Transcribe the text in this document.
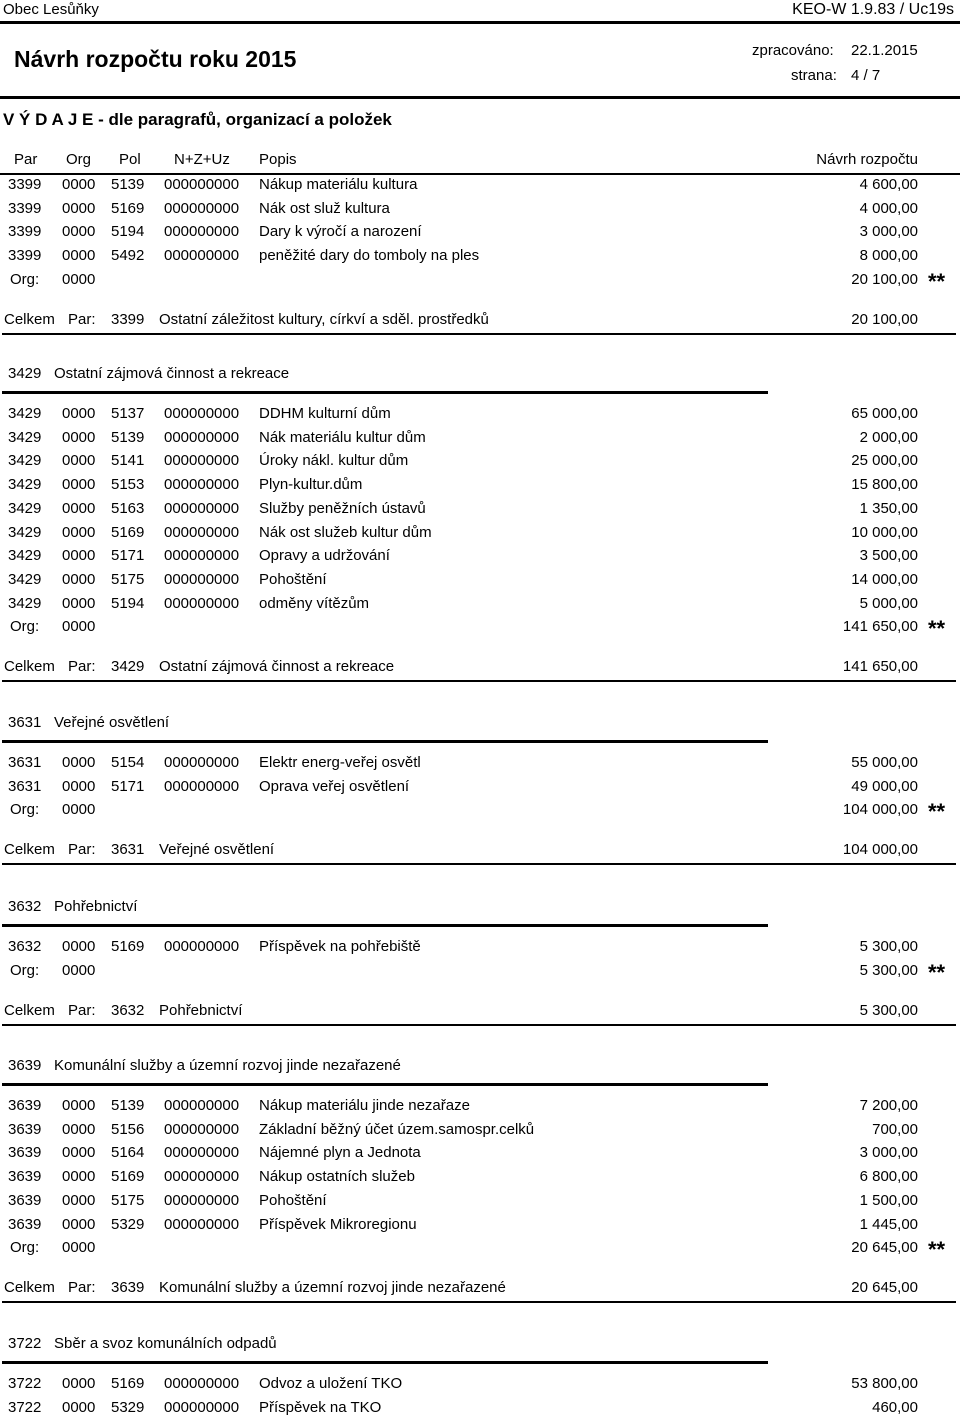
Obec Lesůňky	KEO-W 1.9.83 / Uc19s
Návrh rozpočtu roku 2015	zpracováno: 22.1.2015
strana: 4 / 7
V Ý D A J E - dle paragrafů, organizací a položek
Par Org Pol N+Z+Uz Popis	Návrh rozpočtu
3399 0000 5139 000000000 Nákup materiálu kultura	4 600,00
3399 0000 5169 000000000 Nák ost služ kultura	4 000,00
3399 0000 5194 000000000 Dary k výročí a narození	3 000,00
3399 0000 5492 000000000 peněžité dary do tomboly na ples	8 000,00
Org: 0000	20 100,00 **
Celkem Par: 3399 Ostatní záležitost kultury, církví a sděl. prostředků	20 100,00
3429 Ostatní zájmová činnost a rekreace
3429 0000 5137 000000000 DDHM kulturní dům	65 000,00
3429 0000 5139 000000000 Nák materiálu kultur dům	2 000,00
3429 0000 5141 000000000 Úroky nákl. kultur dům	25 000,00
3429 0000 5153 000000000 Plyn-kultur.dům	15 800,00
3429 0000 5163 000000000 Služby peněžních ústavů	1 350,00
3429 0000 5169 000000000 Nák ost služeb kultur dům	10 000,00
3429 0000 5171 000000000 Opravy a udržování	3 500,00
3429 0000 5175 000000000 Pohoštění	14 000,00
3429 0000 5194 000000000 odměny vítězům	5 000,00
Org: 0000	141 650,00 **
Celkem Par: 3429 Ostatní zájmová činnost a rekreace	141 650,00
3631 Veřejné osvětlení
3631 0000 5154 000000000 Elektr energ-veřej osvětl	55 000,00
3631 0000 5171 000000000 Oprava veřej osvětlení	49 000,00
Org: 0000	104 000,00 **
Celkem Par: 3631 Veřejné osvětlení	104 000,00
3632 Pohřebnictví
3632 0000 5169 000000000 Příspěvek na pohřebiště	5 300,00
Org: 0000	5 300,00 **
Celkem Par: 3632 Pohřebnictví	5 300,00
3639 Komunální služby a územní rozvoj jinde nezařazené
3639 0000 5139 000000000 Nákup materiálu jinde nezařaze	7 200,00
3639 0000 5156 000000000 Základní běžný účet územ.samospr.celků	700,00
3639 0000 5164 000000000 Nájemné plyn a Jednota	3 000,00
3639 0000 5169 000000000 Nákup ostatních služeb	6 800,00
3639 0000 5175 000000000 Pohoštění	1 500,00
3639 0000 5329 000000000 Příspěvek Mikroregionu	1 445,00
Org: 0000	20 645,00 **
Celkem Par: 3639 Komunální služby a územní rozvoj jinde nezařazené	20 645,00
3722 Sběr a svoz komunálních odpadů
3722 0000 5169 000000000 Odvoz a uložení TKO	53 800,00
3722 0000 5329 000000000 Příspěvek na TKO	460,00
